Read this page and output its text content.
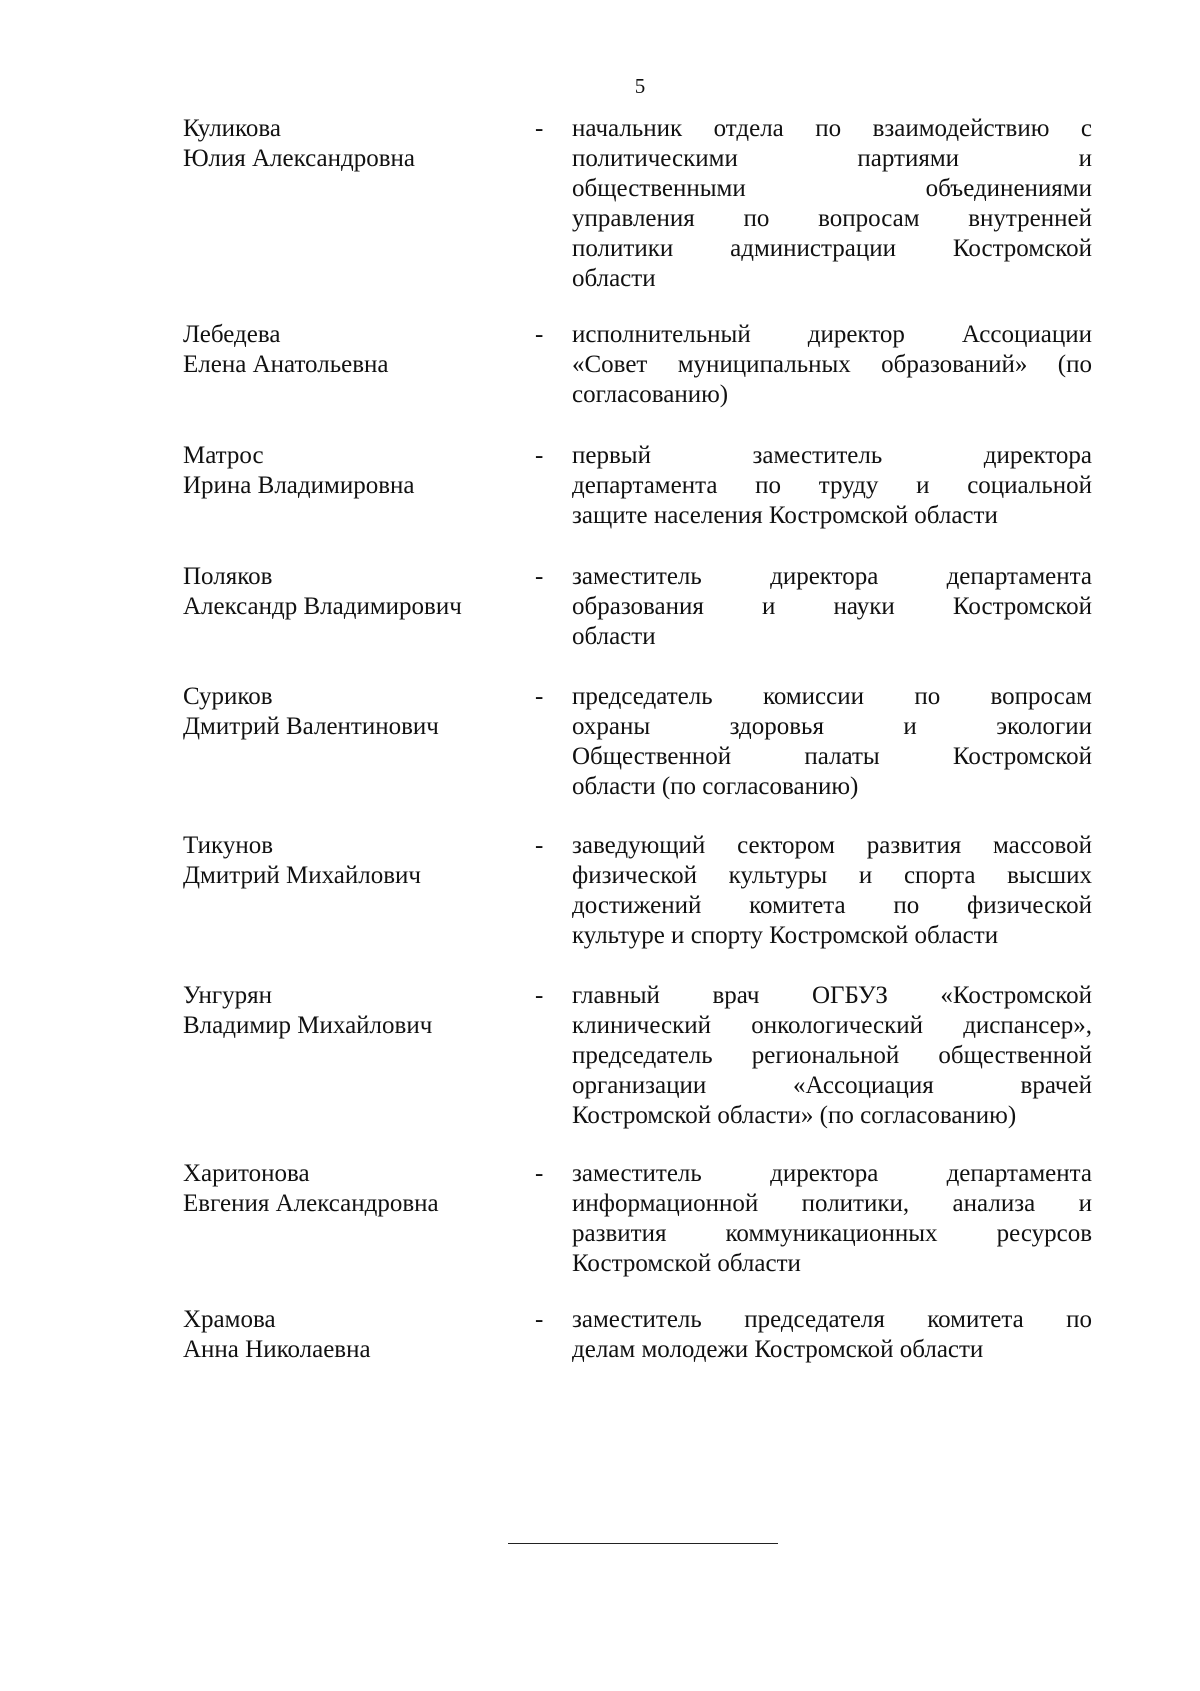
5
Куликова
Юлия Александровна
-	начальник отдела по взаимодействию с
политическими	партиями	и
общественными	объединениями
управления по вопросам внутренней
политики администрации Костромской
области
Лебедева
Елена Анатольевна
-	исполнительный директор Ассоциации
«Совет муниципальных образований» (по
согласованию)
Матрос
Ирина Владимировна
-	первый	заместитель	директора
департамента по труду и социальной
защите населения Костромской области
Поляков
Александр Владимирович
-	заместитель	директора	департамента
образования и науки Костромской
области
Суриков
Дмитрий Валентинович
-	председатель комиссии по вопросам
охраны	здоровья	и	экологии
Общественной	палаты	Костромской
области (по согласованию)
Тикунов
Дмитрий Михайлович
-	заведующий сектором развития массовой
физической культуры и спорта высших
достижений комитета по физической
культуре и спорту Костромской области
Унгурян
Владимир Михайлович
-	главный врач ОГБУЗ «Костромской
клинический онкологический диспансер»,
председатель региональной общественной
организации	«Ассоциация	врачей
Костромской области» (по согласованию)
Харитонова
Евгения Александровна
-	заместитель	директора	департамента
информационной политики, анализа и
развития коммуникационных ресурсов
Костромской области
Храмова
Анна Николаевна
-	заместитель председателя комитета по
делам молодежи Костромской области
